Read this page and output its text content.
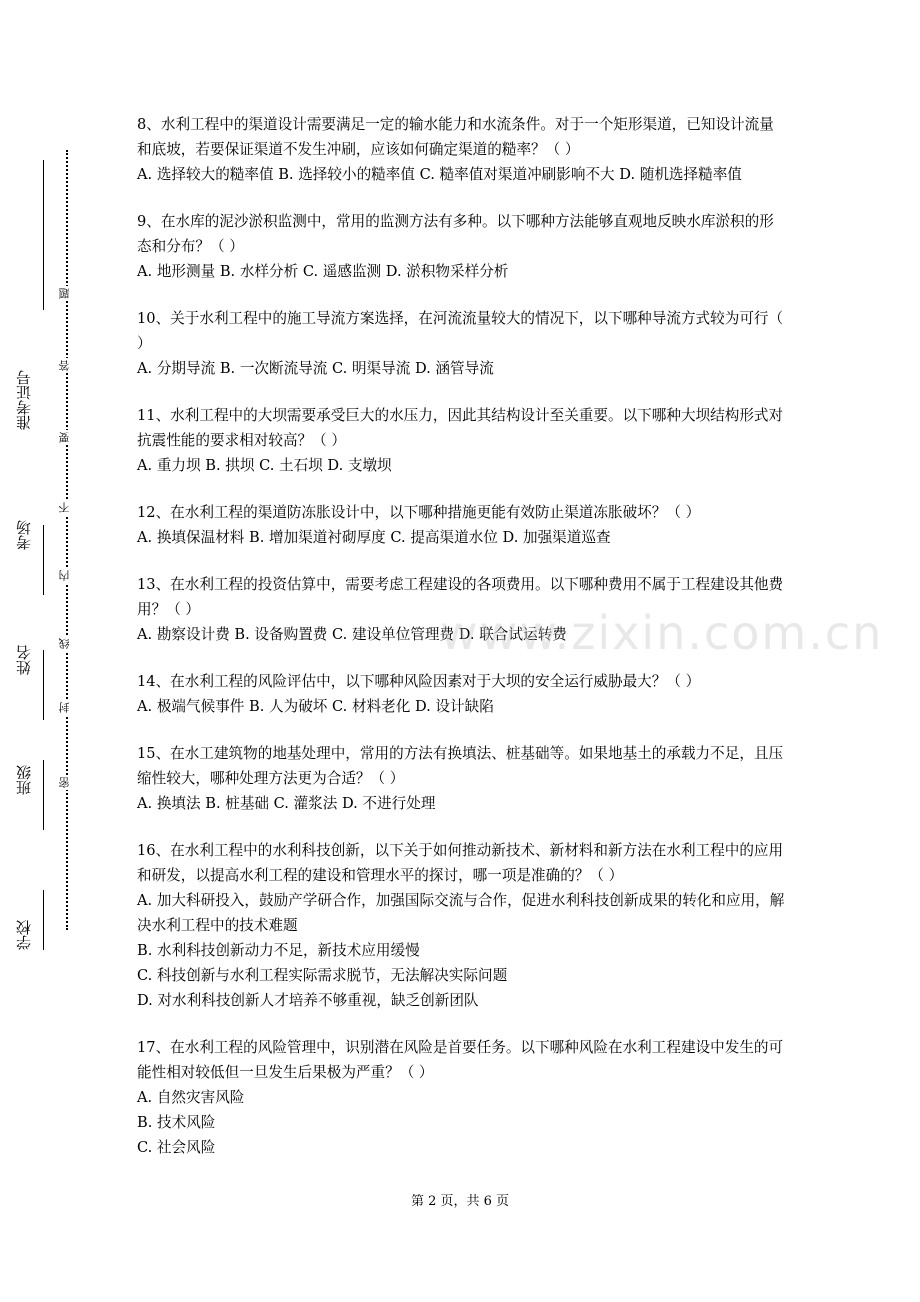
学校
班级
姓名
考场
准考证号
密
封
线
内
不
要
答
题

8、水利工程中的渠道设计需要满足一定的输水能力和水流条件。对于一个矩形渠道，已知设计流量和底坡，若要保证渠道不发生冲刷，应该如何确定渠道的糙率？（ ）

A. 选择较大的糙率值 B. 选择较小的糙率值 C. 糙率值对渠道冲刷影响不大 D. 随机选择糙率值

9、在水库的泥沙淤积监测中，常用的监测方法有多种。以下哪种方法能够直观地反映水库淤积的形态和分布？（ ）

A. 地形测量 B. 水样分析 C. 遥感监测 D. 淤积物采样分析

10、关于水利工程中的施工导流方案选择，在河流流量较大的情况下，以下哪种导流方式较为可行（ ）

A. 分期导流 B. 一次断流导流 C. 明渠导流 D. 涵管导流

11、水利工程中的大坝需要承受巨大的水压力，因此其结构设计至关重要。以下哪种大坝结构形式对抗震性能的要求相对较高？（ ）

A. 重力坝 B. 拱坝 C. 土石坝 D. 支墩坝

12、在水利工程的渠道防冻胀设计中，以下哪种措施更能有效防止渠道冻胀破坏？（ ）

A. 换填保温材料 B. 增加渠道衬砌厚度 C. 提高渠道水位 D. 加强渠道巡查

13、在水利工程的投资估算中，需要考虑工程建设的各项费用。以下哪种费用不属于工程建设其他费用？（ ）

A. 勘察设计费 B. 设备购置费 C. 建设单位管理费 D. 联合试运转费

14、在水利工程的风险评估中，以下哪种风险因素对于大坝的安全运行威胁最大？（ ）

A. 极端气候事件 B. 人为破坏 C. 材料老化 D. 设计缺陷

15、在水工建筑物的地基处理中，常用的方法有换填法、桩基础等。如果地基土的承载力不足，且压缩性较大，哪种处理方法更为合适？（ ）

A. 换填法 B. 桩基础 C. 灌浆法 D. 不进行处理

16、在水利工程中的水利科技创新，以下关于如何推动新技术、新材料和新方法在水利工程中的应用和研发，以提高水利工程的建设和管理水平的探讨，哪一项是准确的？（ ）

A. 加大科研投入，鼓励产学研合作，加强国际交流与合作，促进水利科技创新成果的转化和应用，解决水利工程中的技术难题

B. 水利科技创新动力不足，新技术应用缓慢

C. 科技创新与水利工程实际需求脱节，无法解决实际问题

D. 对水利科技创新人才培养不够重视，缺乏创新团队

17、在水利工程的风险管理中，识别潜在风险是首要任务。以下哪种风险在水利工程建设中发生的可能性相对较低但一旦发生后果极为严重？（ ）

A. 自然灾害风险

B. 技术风险

C. 社会风险

www.zixin.com.cn
第 2 页，共 6 页
